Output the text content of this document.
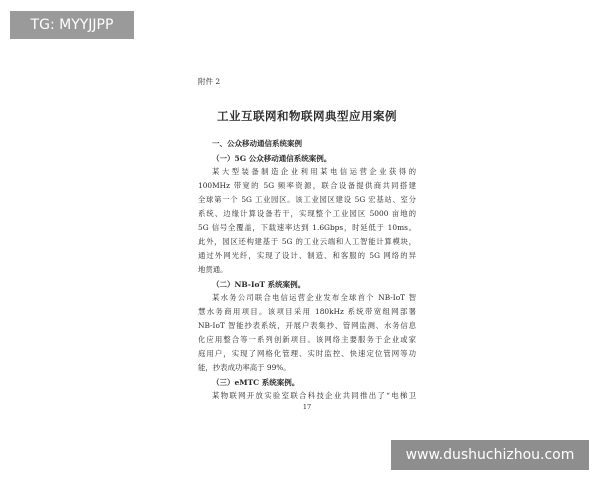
TG: MYYJJPP
附件 2
工业互联网和物联网典型应用案例
一、公众移动通信系统案例
（一）5G 公众移动通信系统案例。
某大型装备制造企业利用某电信运营企业获得的
100MHz 带宽的 5G 频率资源，联合设备提供商共同搭建
全球第一个 5G 工业园区。该工业园区建设 5G 宏基站、室分
系统、边缘计算设备若干，实现整个工业园区 5000 亩地的
5G 信号全覆盖，下载速率达到 1.6Gbps，时延低于 10ms。
此外，园区还构建基于 5G 的工业云端和人工智能计算模块，
通过外网光纤，实现了设计、制造、和客服的 5G 网络的异
地贯通。
（二）NB-IoT 系统案例。
某水务公司联合电信运营企业发布全球首个 NB-IoT 智
慧水务商用项目。该项目采用 180kHz 系统带宽组网部署
NB-IoT 智能抄表系统，开展户表集抄、管网监测、水务信息
化应用整合等一系列创新项目。该网络主要服务于企业或家
庭用户，实现了网格化管理、实时监控、快速定位管网等功
能，抄表成功率高于 99%。
（三）eMTC 系统案例。
某物联网开放实验室联合科技企业共同推出了“电梯卫
17
www.dushuchizhou.com
